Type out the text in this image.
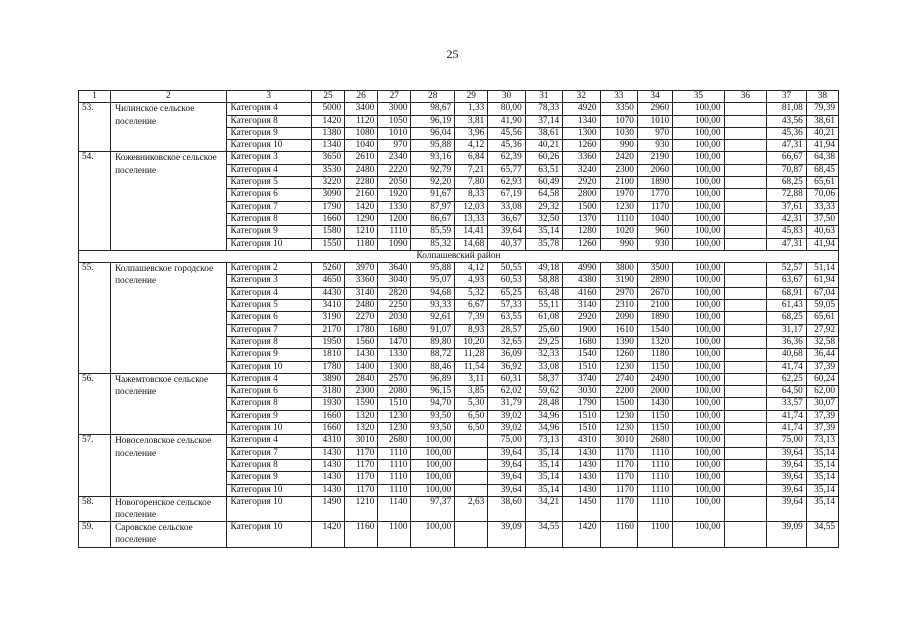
25
1	2	3	25	26	27	28	29	30	31	32	33	34	35	36	37	38
53.	Чилинское сельское поселение	Категория 4	5000	3400	3000	98,67	1,33	80,00	78,33	4920	3350	2960	100,00		81,08	79,39
		Категория 8	1420	1120	1050	96,19	3,81	41,90	37,14	1340	1070	1010	100,00		43,56	38,61
		Категория 9	1380	1080	1010	96,04	3,96	45,56	38,61	1300	1030	970	100,00		45,36	40,21
		Категория 10	1340	1040	970	95,88	4,12	45,36	40,21	1260	990	930	100,00		47,31	41,94
54.	Кожевниковское сельское поселение	Категория 3	3650	2610	2340	93,16	6,84	62,39	60,26	3360	2420	2190	100,00		66,67	64,38
		Категория 4	3530	2480	2220	92,79	7,21	65,77	63,51	3240	2300	2060	100,00		70,87	68,45
		Категория 5	3220	2280	2050	92,20	7,80	62,93	60,49	2920	2100	1890	100,00		68,25	65,61
		Категория 6	3090	2160	1920	91,67	8,33	67,19	64,58	2800	1970	1770	100,00		72,88	70,06
		Категория 7	1790	1420	1330	87,97	12,03	33,08	29,32	1500	1230	1170	100,00		37,61	33,33
		Категория 8	1660	1290	1200	86,67	13,33	36,67	32,50	1370	1110	1040	100,00		42,31	37,50
		Категория 9	1580	1210	1110	85,59	14,41	39,64	35,14	1280	1020	960	100,00		45,83	40,63
		Категория 10	1550	1180	1090	85,32	14,68	40,37	35,78	1260	990	930	100,00		47,31	41,94
Колпашевский район																
55.	Колпашевское городское поселение	Категория 2	5260	3970	3640	95,88	4,12	50,55	49,18	4990	3800	3500	100,00		52,57	51,14
		Категория 3	4650	3360	3040	95,07	4,93	60,53	58,88	4380	3190	2890	100,00		63,67	61,94
		Категория 4	4430	3140	2820	94,68	5,32	65,25	63,48	4160	2970	2670	100,00		68,91	67,04
		Категория 5	3410	2480	2250	93,33	6,67	57,33	55,11	3140	2310	2100	100,00		61,43	59,05
		Категория 6	3190	2270	2030	92,61	7,39	63,55	61,08	2920	2090	1890	100,00		68,25	65,61
		Категория 7	2170	1780	1680	91,07	8,93	28,57	25,60	1900	1610	1540	100,00		31,17	27,92
		Категория 8	1950	1560	1470	89,80	10,20	32,65	29,25	1680	1390	1320	100,00		36,36	32,58
		Категория 9	1810	1430	1330	88,72	11,28	36,09	32,33	1540	1260	1180	100,00		40,68	36,44
		Категория 10	1780	1400	1300	88,46	11,54	36,92	33,08	1510	1230	1150	100,00		41,74	37,39
56.	Чажемтовское сельское поселение	Категория 4	3890	2840	2570	96,89	3,11	60,31	58,37	3740	2740	2490	100,00		62,25	60,24
		Категория 6	3180	2300	2080	96,15	3,85	62,02	59,62	3030	2200	2000	100,00		64,50	62,00
		Категория 8	1930	1590	1510	94,70	5,30	31,79	28,48	1790	1500	1430	100,00		33,57	30,07
		Категория 9	1660	1320	1230	93,50	6,50	39,02	34,96	1510	1230	1150	100,00		41,74	37,39
		Категория 10	1660	1320	1230	93,50	6,50	39,02	34,96	1510	1230	1150	100,00		41,74	37,39
57.	Новоселовское сельское поселение	Категория 4	4310	3010	2680	100,00		75,00	73,13	4310	3010	2680	100,00		75,00	73,13
		Категория 7	1430	1170	1110	100,00		39,64	35,14	1430	1170	1110	100,00		39,64	35,14
		Категория 8	1430	1170	1110	100,00		39,64	35,14	1430	1170	1110	100,00		39,64	35,14
		Категория 9	1430	1170	1110	100,00		39,64	35,14	1430	1170	1110	100,00		39,64	35,14
		Категория 10	1430	1170	1110	100,00		39,64	35,14	1430	1170	1110	100,00		39,64	35,14
58.	Новогоренское сельское поселение	Категория 10	1490	1210	1140	97,37	2,63	38,60	34,21	1450	1170	1110	100,00		39,64	35,14
59.	Саровское сельское поселение	Категория 10	1420	1160	1100	100,00		39,09	34,55	1420	1160	1100	100,00		39,09	34,55
